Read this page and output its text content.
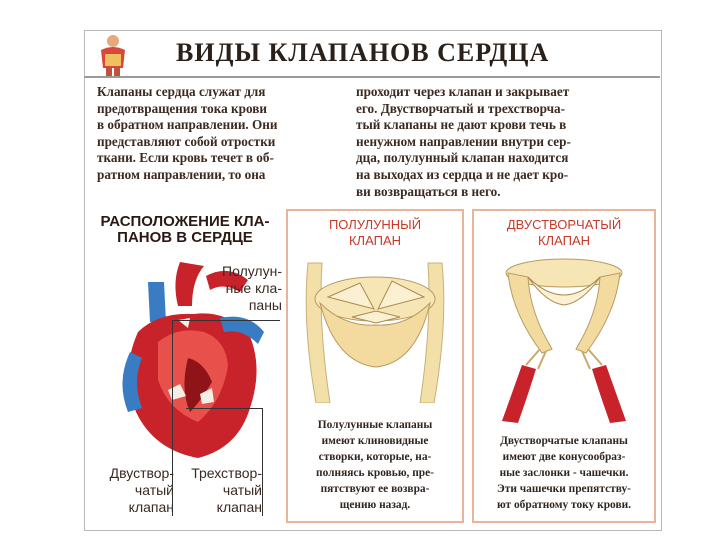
ВИДЫ КЛАПАНОВ СЕРДЦА
Клапаны сердца служат для
предотвращения тока крови
в обратном направлении. Они
представляют собой отростки
ткани. Если кровь течет в об-
ратном направлении, то она
проходит через клапан и закрывает
его. Двустворчатый и трехстворча-
тый клапаны не дают крови течь в
ненужном направлении внутри сер-
дца, полулунный клапан находится
на выходах из сердца и не дает кро-
ви возвращаться в него.
РАСПОЛОЖЕНИЕ КЛА-
ПАНОВ В СЕРДЦЕ
Полулун-
ные кла-
паны
Двуствор-
чатый
клапан
Трехствор-
чатый
клапан
ПОЛУЛУННЫЙ
КЛАПАН
Полулунные клапаны
имеют клиновидные
створки, которые, на-
полняясь кровью, пре-
пятствуют ее возвра-
щению назад.
ДВУСТВОРЧАТЫЙ
КЛАПАН
Двустворчатые клапаны
имеют две конусообраз-
ные заслонки - чашечки.
Эти чашечки препятству-
ют обратному току крови.
